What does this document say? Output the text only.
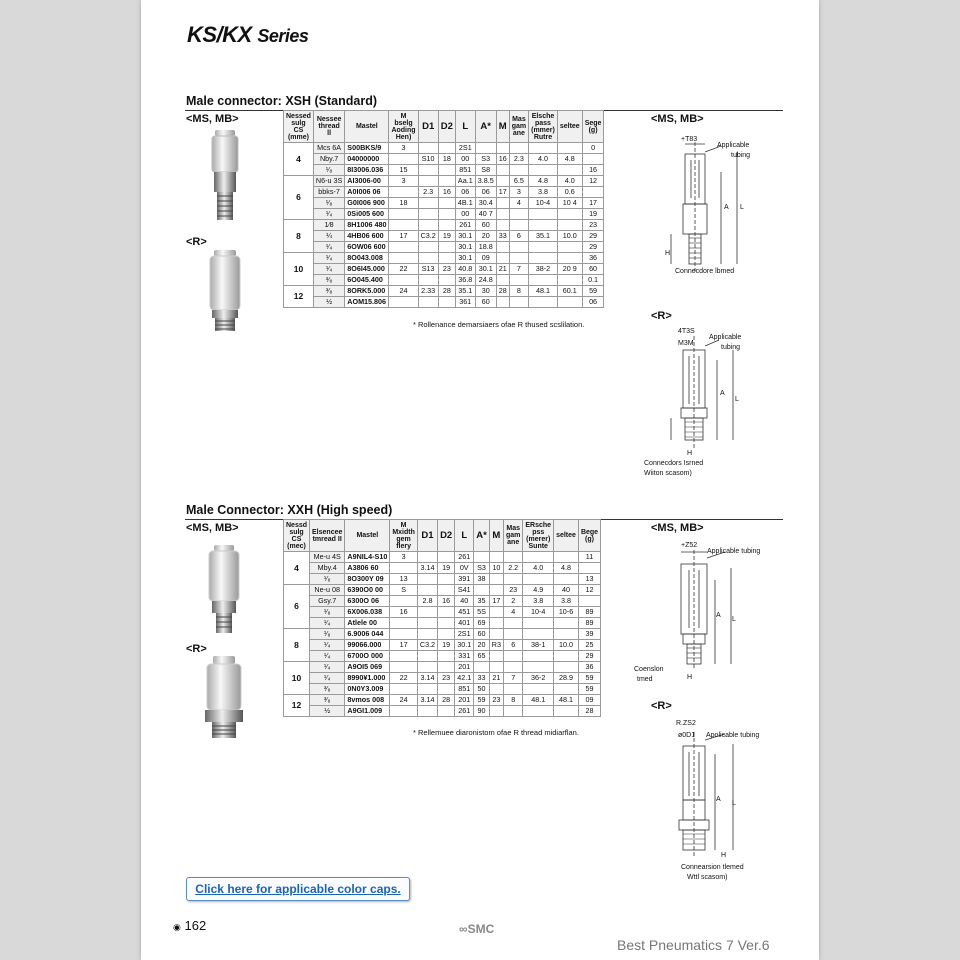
KS/KX Series
Male connector: XSH (Standard)
<MS, MB>
<R>
Nessed sulg CS (mme)	Nessee thread ll	Mastel	M bselg Aoding Hen)	D1	D2	L	A*	M	Mas gam ane	Elsche pass (mmer) Rutre	seltee	Sege (g)
4	Mcs 6A	S00BKS/9	3			2S1						0
	Nby.7	04000000		S10	18	00	S3	16	2.3	4.0	4.8	
	¹⁄₈	8I3006.036	15			851	S8					16
6	N6-u 3S	AI3006-00	3			Aa.1	3.8.5		6.5	4.8	4.0	12
	bbks-7	A0I006 06		2.3	16	06	06	17	3	3.8	0.6	
	¹⁄₈	G0I006 900	18			4B.1	30.4		4	10-4	10 4	17
	¹⁄₄	0Si005 600				00	40 7					19
8	1⁄8	8H1006 480				261	60					23
	¼	4HB06 600	17	C3.2	19	30.1	20	33	6	35.1	10.0	29
	¹⁄₄	6OW06 600				30.1	18.8					29
10	¹⁄₄	8O043.008				30.1	09					36
	¹⁄₄	8O6I45.000	22	S13	23	40.8	30.1	21	7	38-2	20 9	60
	³⁄₈	6O045.400				36.8	24.8					0.1
12	³⁄₈	8ORK5.000	24	2.33	28	35.1	30	28	8	48.1	60.1	59
	½	AOM15.806				361	60					06
* Rollenance demarsiaers ofae R thused scslilation.
<MS, MB>
+T83
Applicable
tubing
A L
H
Connecdore lbmed
<R>
4T3S
M3M
Applicable
tubing
A
L
H
Connecdors Isrned
Wiiton scasom)
Male Connector: XXH (High speed)
<MS, MB>
<R>
Nessd sulg CS (mec)	Elsencee tmread II	Mastel	M Mxidth gem flery	D1	D2	L	A*	M	Mas gam ane	ERsche pss (merer) Sunte	seltee	Bege (g)
4	Me-u 4S	A9NIL4-S10	3			261						11
	Mby.4	A3806 60		3.14	19	0V	S3	10	2.2	4.0	4.8	
	¹⁄₈	8O300Y 09	13			391	38					13
6	Ne-u 08	6390O0 00	S			S41			23	4.9	40	12
	Gsy.7	6300O 06		2.8	16	40	35	17	2	3.8	3.8	
	¹⁄₈	6X006.038	16			451	5S		4	10-4	10-6	89
	¹⁄₄	Atlele 00				401	69					89
8	¹⁄₈	6.9006 044				2S1	60					39
	¹⁄₄	99066.000	17	C3.2	19	30.1	20	R3	6	38-1	10.0	25
	¹⁄₄	6700O 000				331	65					29
10	¹⁄₄	A9OI5 069				201						36
	¹⁄₄	8990¥1.000	22	3.14	23	42.1	33	21	7	36-2	28.9	59
	³⁄₈	0N0Y3.009				851	50					59
12	³⁄₈	8vmos 008	24	3.14	28	201	59	23	8	48.1	48.1	09
	½	A9GI1.009				261	90					28
* Rellemuee diaronistom ofae R thread midiarflan.
<MS, MB>
+Z52
Applicable tubing
A
L
H
Coenslon
tmed
<R>
R.ZS2
ø0D1 Apolicable tubing
A
L
H
Connearsion tlemed
Wttl scasom)
Click here for applicable color caps.
◉ 162	∞SMC
Best Pneumatics 7 Ver.6
